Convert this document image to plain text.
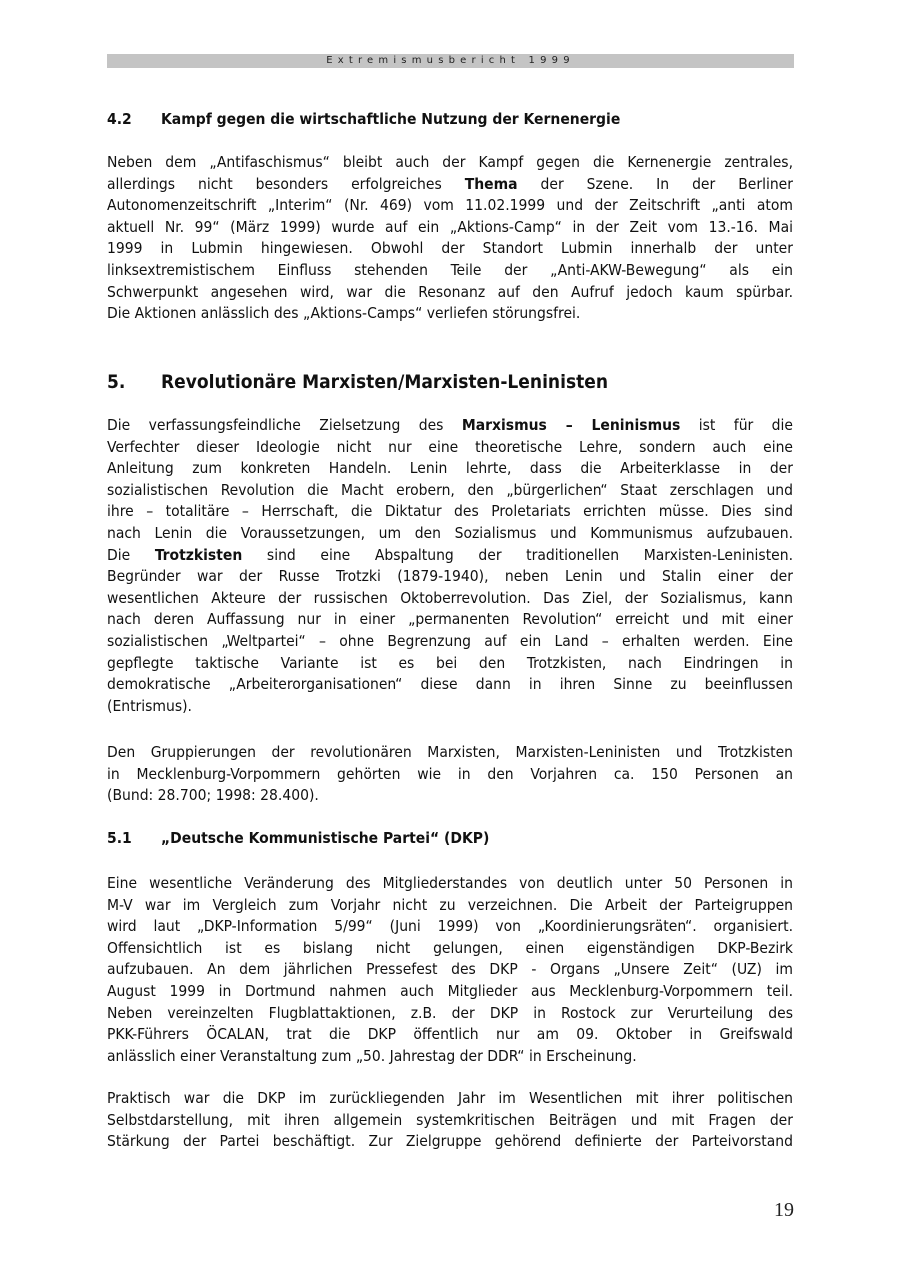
Extremismusbericht 1999
4.2 Kampf gegen die wirtschaftliche Nutzung der Kernenergie
Neben dem „Antifaschismus“ bleibt auch der Kampf gegen die Kernenergie zentrales,
allerdings nicht besonders erfolgreiches Thema der Szene. In der Berliner
Autonomenzeitschrift „Interim“ (Nr. 469) vom 11.02.1999 und der Zeitschrift „anti atom
aktuell Nr. 99“ (März 1999) wurde auf ein „Aktions-Camp“ in der Zeit vom 13.-16. Mai
1999 in Lubmin hingewiesen. Obwohl der Standort Lubmin innerhalb der unter
linksextremistischem Einfluss stehenden Teile der „Anti-AKW-Bewegung“ als ein
Schwerpunkt angesehen wird, war die Resonanz auf den Aufruf jedoch kaum spürbar.
Die Aktionen anlässlich des „Aktions-Camps“ verliefen störungsfrei.
5. Revolutionäre Marxisten/Marxisten-Leninisten
Die verfassungsfeindliche Zielsetzung des Marxismus – Leninismus ist für die
Verfechter dieser Ideologie nicht nur eine theoretische Lehre, sondern auch eine
Anleitung zum konkreten Handeln. Lenin lehrte, dass die Arbeiterklasse in der
sozialistischen Revolution die Macht erobern, den „bürgerlichen“ Staat zerschlagen und
ihre – totalitäre – Herrschaft, die Diktatur des Proletariats errichten müsse. Dies sind
nach Lenin die Voraussetzungen, um den Sozialismus und Kommunismus aufzubauen.
Die Trotzkisten sind eine Abspaltung der traditionellen Marxisten-Leninisten.
Begründer war der Russe Trotzki (1879-1940), neben Lenin und Stalin einer der
wesentlichen Akteure der russischen Oktoberrevolution. Das Ziel, der Sozialismus, kann
nach deren Auffassung nur in einer „permanenten Revolution“ erreicht und mit einer
sozialistischen „Weltpartei“ – ohne Begrenzung auf ein Land – erhalten werden. Eine
gepflegte taktische Variante ist es bei den Trotzkisten, nach Eindringen in
demokratische „Arbeiterorganisationen“ diese dann in ihren Sinne zu beeinflussen
(Entrismus).
Den Gruppierungen der revolutionären Marxisten, Marxisten-Leninisten und Trotzkisten
in Mecklenburg-Vorpommern gehörten wie in den Vorjahren ca. 150 Personen an
(Bund: 28.700; 1998: 28.400).
5.1 „Deutsche Kommunistische Partei“ (DKP)
Eine wesentliche Veränderung des Mitgliederstandes von deutlich unter 50 Personen in
M-V war im Vergleich zum Vorjahr nicht zu verzeichnen. Die Arbeit der Parteigruppen
wird laut „DKP-Information 5/99“ (Juni 1999) von „Koordinierungsräten“. organisiert.
Offensichtlich ist es bislang nicht gelungen, einen eigenständigen DKP-Bezirk
aufzubauen. An dem jährlichen Pressefest des DKP - Organs „Unsere Zeit“ (UZ) im
August 1999 in Dortmund nahmen auch Mitglieder aus Mecklenburg-Vorpommern teil.
Neben vereinzelten Flugblattaktionen, z.B. der DKP in Rostock zur Verurteilung des
PKK-Führers ÖCALAN, trat die DKP öffentlich nur am 09. Oktober in Greifswald
anlässlich einer Veranstaltung zum „50. Jahrestag der DDR“ in Erscheinung.
Praktisch war die DKP im zurückliegenden Jahr im Wesentlichen mit ihrer politischen
Selbstdarstellung, mit ihren allgemein systemkritischen Beiträgen und mit Fragen der
Stärkung der Partei beschäftigt. Zur Zielgruppe gehörend definierte der Parteivorstand
19
